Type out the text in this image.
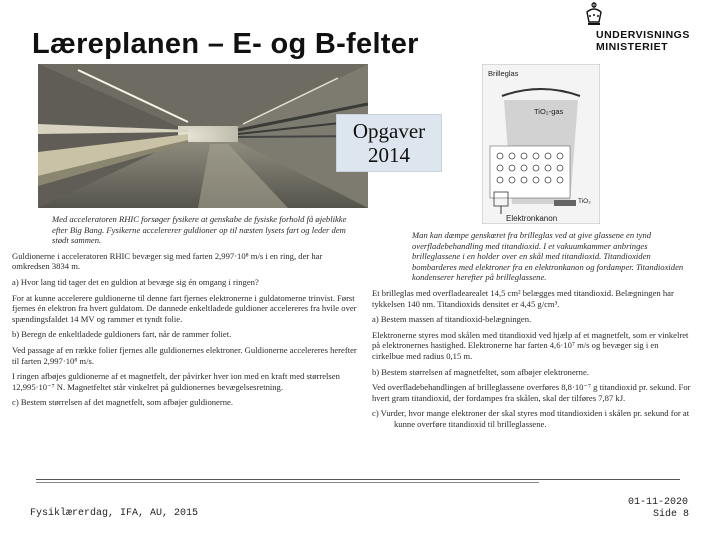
Læreplanen – E- og B-felter	UNDERVISNINGS
MINISTERIET
Opgaver
2014
Brilleglas
TiO₂-gas
TiO₂
Elektronkanon
Med acceleratoren RHIC forsøger fysikere at genskabe de fysiske forhold få øjeblikke efter Big Bang. Fysikerne accelererer guldioner op til næsten lysets fart og leder dem stødt sammen.
Guldionerne i acceleratoren RHIC bevæger sig med farten 2,997·10⁸ m/s i en ring, der har omkredsen 3834 m.
a) Hvor lang tid tager det en guldion at bevæge sig én omgang i ringen?
For at kunne accelerere guldionerne til denne fart fjernes elektronerne i guldatomerne trinvist. Først fjernes én elektron fra hvert guldatom. De dannede enkeltladede guldioner accelereres fra hvile over spændingsfaldet 14 MV og rammer et tyndt folie.
b) Beregn de enkeltladede guldioners fart, når de rammer foliet.
Ved passage af en række folier fjernes alle guldionernes elektroner. Guldionerne accelereres herefter til farten 2,997·10⁸ m/s.
I ringen afbøjes guldionerne af et magnetfelt, der påvirker hver ion med en kraft med størrelsen 12,995·10⁻⁷ N. Magnetfeltet står vinkelret på guldionernes bevægelsesretning.
c) Bestem størrelsen af det magnetfelt, som afbøjer guldionerne.
Man kan dæmpe genskæret fra brilleglas ved at give glassene en tynd overfladebehandling med titandioxid. I et vakuumkammer anbringes brilleglassene i en holder over en skål med titandioxid. Titandioxiden bombarderes med elektroner fra en elektronkanon og fordamper. Titandioxiden kondenserer herefter på brilleglassene.
Et brilleglas med overfladearealet 14,5 cm² belægges med titandioxid. Belægningen har tykkelsen 140 nm. Titandioxids densitet er 4,45 g/cm³.
a) Bestem massen af titandioxid-belægningen.
Elektronerne styres mod skålen med titandioxid ved hjælp af et magnetfelt, som er vinkelret på elektronernes hastighed. Elektronerne har farten 4,6·10⁷ m/s og bevæger sig i en cirkelbue med radius 0,15 m.
b) Bestem størrelsen af magnetfeltet, som afbøjer elektronerne.
Ved overfladebehandlingen af brilleglassene overføres 8,8·10⁻⁷ g titandioxid pr. sekund. For hvert gram titandioxid, der fordampes fra skålen, skal der tilføres 7,87 kJ.
c) Vurder, hvor mange elektroner der skal styres mod titandioxiden i skålen pr. sekund for at kunne overføre titandioxid til brilleglassene.
Fysiklærerdag, IFA, AU, 2015
01-11-2020
Side 8
